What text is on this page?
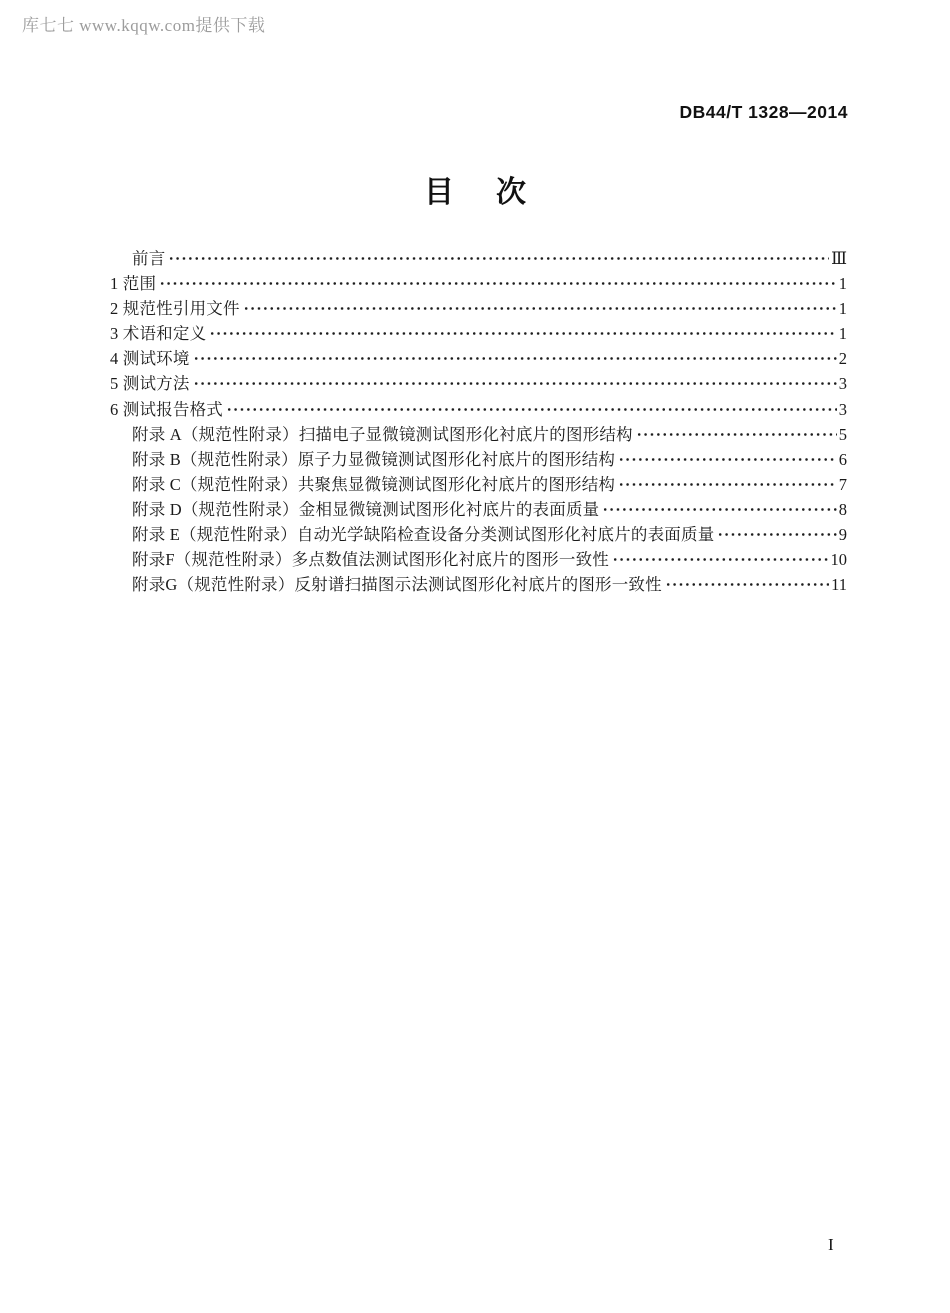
库七七 www.kqqw.com提供下载
DB44/T 1328—2014
目　次
前言	Ⅲ
1 范围	1
2 规范性引用文件	1
3 术语和定义	1
4 测试环境	2
5 测试方法	3
6 测试报告格式	3
附录 A（规范性附录）扫描电子显微镜测试图形化衬底片的图形结构	5
附录 B（规范性附录）原子力显微镜测试图形化衬底片的图形结构	6
附录 C（规范性附录）共聚焦显微镜测试图形化衬底片的图形结构	7
附录 D（规范性附录）金相显微镜测试图形化衬底片的表面质量	8
附录 E（规范性附录）自动光学缺陷检查设备分类测试图形化衬底片的表面质量	9
附录F（规范性附录）多点数值法测试图形化衬底片的图形一致性	10
附录G（规范性附录）反射谱扫描图示法测试图形化衬底片的图形一致性	11
I
